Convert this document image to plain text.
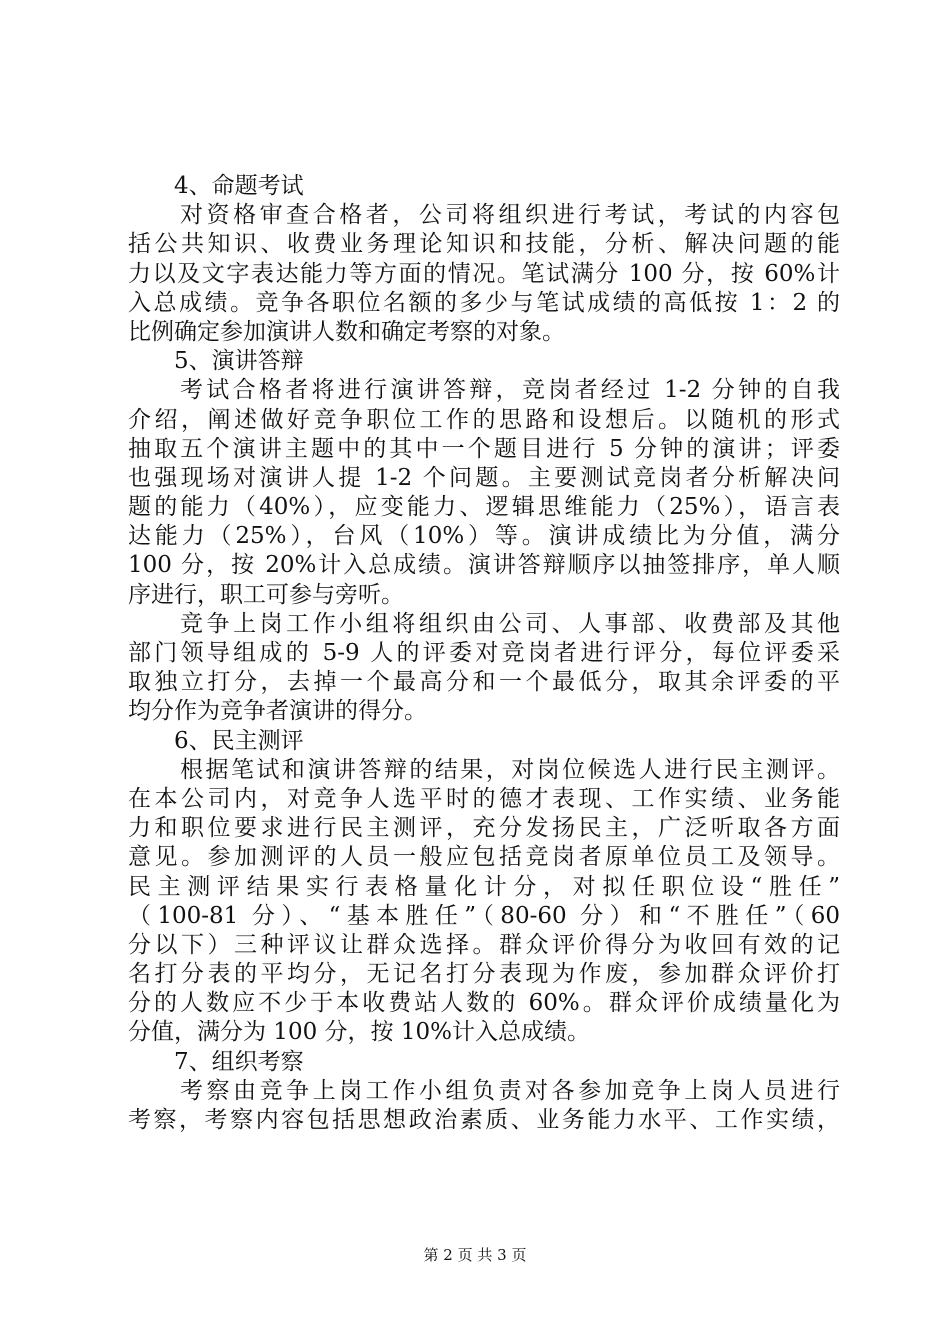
4、命题考试
对资格审查合格者，公司将组织进行考试，考试的内容包
括公共知识、收费业务理论知识和技能，分析、解决问题的能
力以及文字表达能力等方面的情况。笔试满分 100 分，按 60%计
入总成绩。竞争各职位名额的多少与笔试成绩的高低按 1：2 的
比例确定参加演讲人数和确定考察的对象。
5、演讲答辩
考试合格者将进行演讲答辩，竞岗者经过 1-2 分钟的自我
介绍，阐述做好竞争职位工作的思路和设想后。以随机的形式
抽取五个演讲主题中的其中一个题目进行 5 分钟的演讲；评委
也强现场对演讲人提 1-2 个问题。主要测试竞岗者分析解决问
题的能力（40%），应变能力、逻辑思维能力（25%），语言表
达能力（25%），台风（10%）等。演讲成绩比为分值，满分
100 分，按 20%计入总成绩。演讲答辩顺序以抽签排序，单人顺
序进行，职工可参与旁听。
竞争上岗工作小组将组织由公司、人事部、收费部及其他
部门领导组成的 5-9 人的评委对竞岗者进行评分，每位评委采
取独立打分，去掉一个最高分和一个最低分，取其余评委的平
均分作为竞争者演讲的得分。
6、民主测评
根据笔试和演讲答辩的结果，对岗位候选人进行民主测评。
在本公司内，对竞争人选平时的德才表现、工作实绩、业务能
力和职位要求进行民主测评，充分发扬民主，广泛听取各方面
意见。参加测评的人员一般应包括竞岗者原单位员工及领导。
民主测评结果实行表格量化计分，对拟任职位设“胜任”
（100-81 分）、“基本胜任”（80-60 分）和“不胜任”（60
分以下）三种评议让群众选择。群众评价得分为收回有效的记
名打分表的平均分，无记名打分表现为作废，参加群众评价打
分的人数应不少于本收费站人数的 60%。群众评价成绩量化为
分值，满分为 100 分，按 10%计入总成绩。
7、组织考察
考察由竞争上岗工作小组负责对各参加竞争上岗人员进行
考察，考察内容包括思想政治素质、业务能力水平、工作实绩，
第 2 页 共 3 页
